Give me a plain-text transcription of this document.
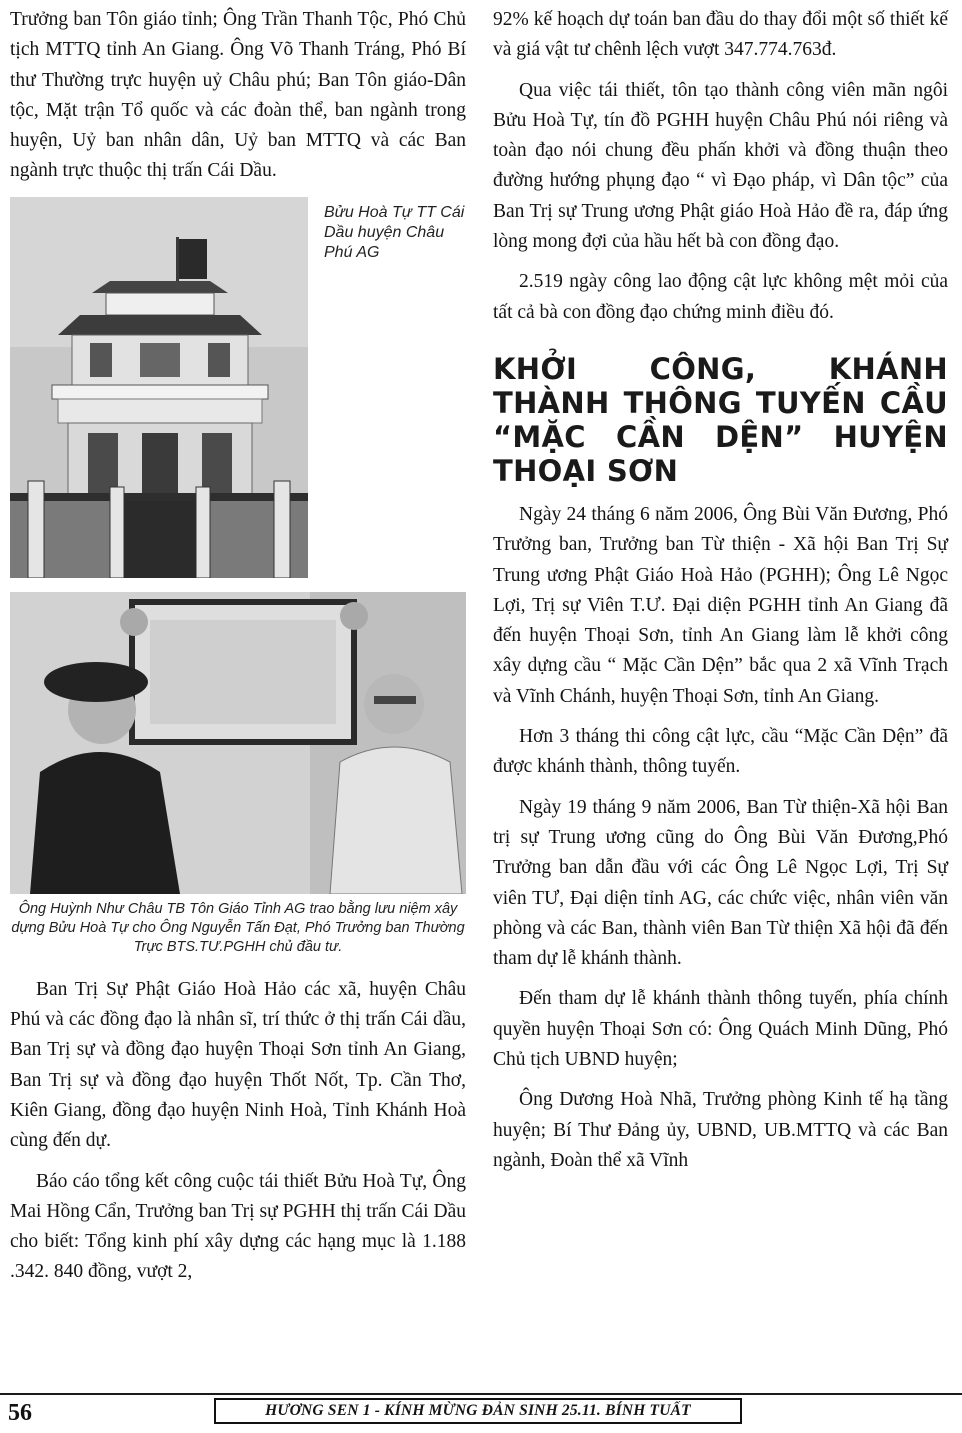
Trưởng ban Tôn giáo tỉnh; Ông Trần Thanh Tộc, Phó Chủ tịch MTTQ tỉnh An Giang. Ông Võ Thanh Tráng, Phó Bí thư Thường trực huyện uỷ Châu phú; Ban Tôn giáo-Dân tộc, Mặt trận Tổ quốc và các đoàn thể, ban ngành trong huyện, Uỷ ban nhân dân, Uỷ ban MTTQ và các Ban ngành trực thuộc thị trấn Cái Dầu.

Bửu Hoà Tự TT Cái Dầu huyện Châu Phú AG

Ông Huỳnh Như Châu TB Tôn Giáo Tỉnh AG trao bằng lưu niệm xây dựng Bửu Hoà Tự cho Ông Nguyễn Tấn Đạt, Phó Trưởng ban Thường Trực BTS.TƯ.PGHH chủ đầu tư.

Ban Trị Sự Phật Giáo Hoà Hảo các xã, huyện Châu Phú và các đồng đạo là nhân sĩ, trí thức ở thị trấn Cái dầu, Ban Trị sự và đồng đạo huyện Thoại Sơn tỉnh An Giang, Ban Trị sự và đồng đạo huyện Thốt Nốt, Tp. Cần Thơ, Kiên Giang, đồng đạo huyện Ninh Hoà, Tỉnh Khánh Hoà cùng đến dự.

Báo cáo tổng kết công cuộc tái thiết Bửu Hoà Tự, Ông Mai Hồng Cẩn, Trưởng ban Trị sự PGHH thị trấn Cái Dầu cho biết: Tổng kinh phí xây dựng các hạng mục là 1.188 .342. 840 đồng, vượt 2,

92% kế hoạch dự toán ban đầu do thay đổi một số thiết kế và giá vật tư chênh lệch vượt 347.774.763đ.

Qua việc tái thiết, tôn tạo thành công viên mãn ngôi Bửu Hoà Tự, tín đồ PGHH huyện Châu Phú nói riêng và toàn đạo nói chung đều phấn khởi và đồng thuận theo đường hướng phụng đạo “ vì Đạo pháp, vì Dân tộc” của Ban Trị sự Trung ương Phật giáo Hoà Hảo đề ra, đáp ứng lòng mong đợi của hầu hết bà con đồng đạo.

2.519 ngày công lao động cật lực không mệt mỏi của tất cả bà con đồng đạo chứng minh điều đó.

KHỞI CÔNG, KHÁNH THÀNH THÔNG TUYẾN CẦU “MẶC CẦN DỆN” HUYỆN THOẠI SƠN

Ngày 24 tháng 6 năm 2006, Ông Bùi Văn Đương, Phó Trưởng ban, Trưởng ban Từ thiện - Xã hội Ban Trị Sự Trung ương Phật Giáo Hoà Hảo (PGHH); Ông Lê Ngọc Lợi, Trị sự Viên T.Ư. Đại diện PGHH tỉnh An Giang đã đến huyện Thoại Sơn, tỉnh An Giang làm lễ khởi công xây dựng cầu “ Mặc Cần Dện” bắc qua 2 xã Vĩnh Trạch và Vĩnh Chánh, huyện Thoại Sơn, tỉnh An Giang.

Hơn 3 tháng thi công cật lực, cầu “Mặc Cần Dện” đã được khánh thành, thông tuyến.

Ngày 19 tháng 9 năm 2006, Ban Từ thiện-Xã hội Ban trị sự Trung ương cũng do Ông Bùi Văn Đương,Phó Trưởng ban dẫn đầu với các Ông Lê Ngọc Lợi, Trị Sự viên TƯ, Đại diện tỉnh AG, các chức việc, nhân viên văn phòng và các Ban, thành viên Ban Từ thiện Xã hội đã đến tham dự lễ khánh thành.

Đến tham dự lễ khánh thành thông tuyến, phía chính quyền huyện Thoại Sơn có: Ông Quách Minh Dũng, Phó Chủ tịch UBND huyện;

Ông Dương Hoà Nhã, Trưởng phòng Kinh tế hạ tầng huyện; Bí Thư Đảng ủy, UBND, UB.MTTQ và các Ban ngành, Đoàn thể xã Vĩnh

56	HƯƠNG SEN 1 - KÍNH MỪNG ĐẢN SINH 25.11. BÍNH TUẤT
